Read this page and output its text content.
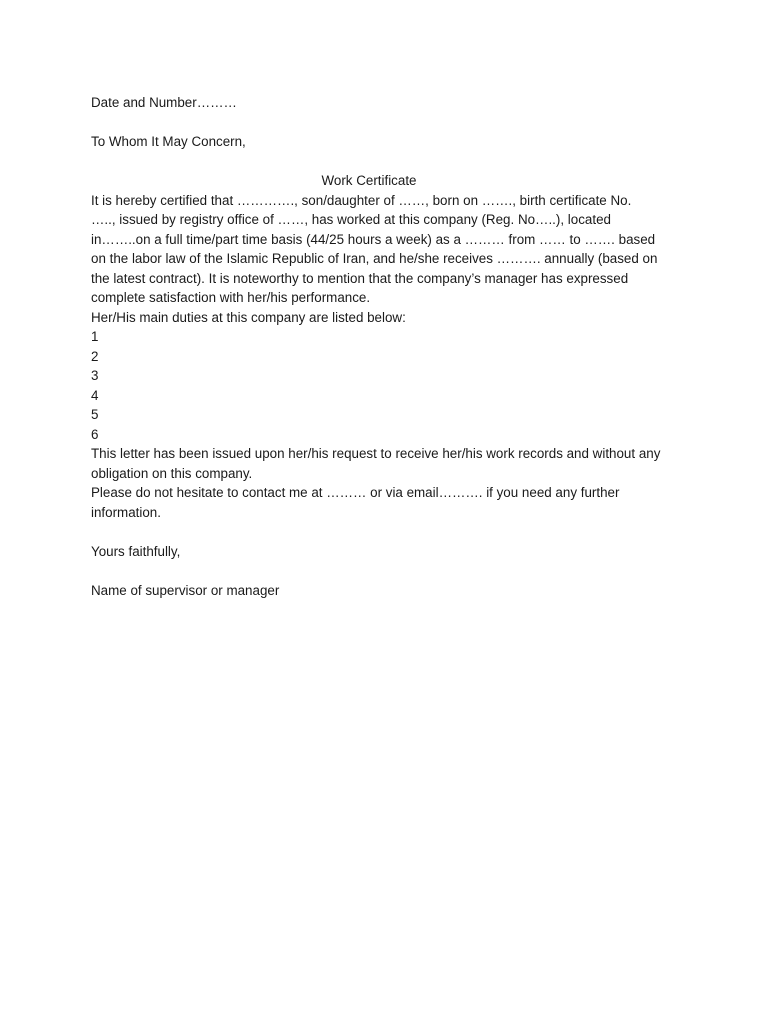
Date and Number………
To Whom It May Concern,
Work Certificate
It is hereby certified that …………., son/daughter of ……, born on ……., birth certificate No.
….., issued by registry office of ……, has worked at this company (Reg. No…..), located
in……..on a full time/part time basis (44/25 hours a week) as a ……… from …… to ……. based
on the labor law of the Islamic Republic of Iran, and he/she receives ………. annually (based on
the latest contract). It is noteworthy to mention that the company’s manager has expressed
complete satisfaction with her/his performance.
Her/His main duties at this company are listed below:
1
2
3
4
5
6
This letter has been issued upon her/his request to receive her/his work records and without any
obligation on this company.
Please do not hesitate to contact me at ……… or via email………. if you need any further
information.
Yours faithfully,
Name of supervisor or manager
